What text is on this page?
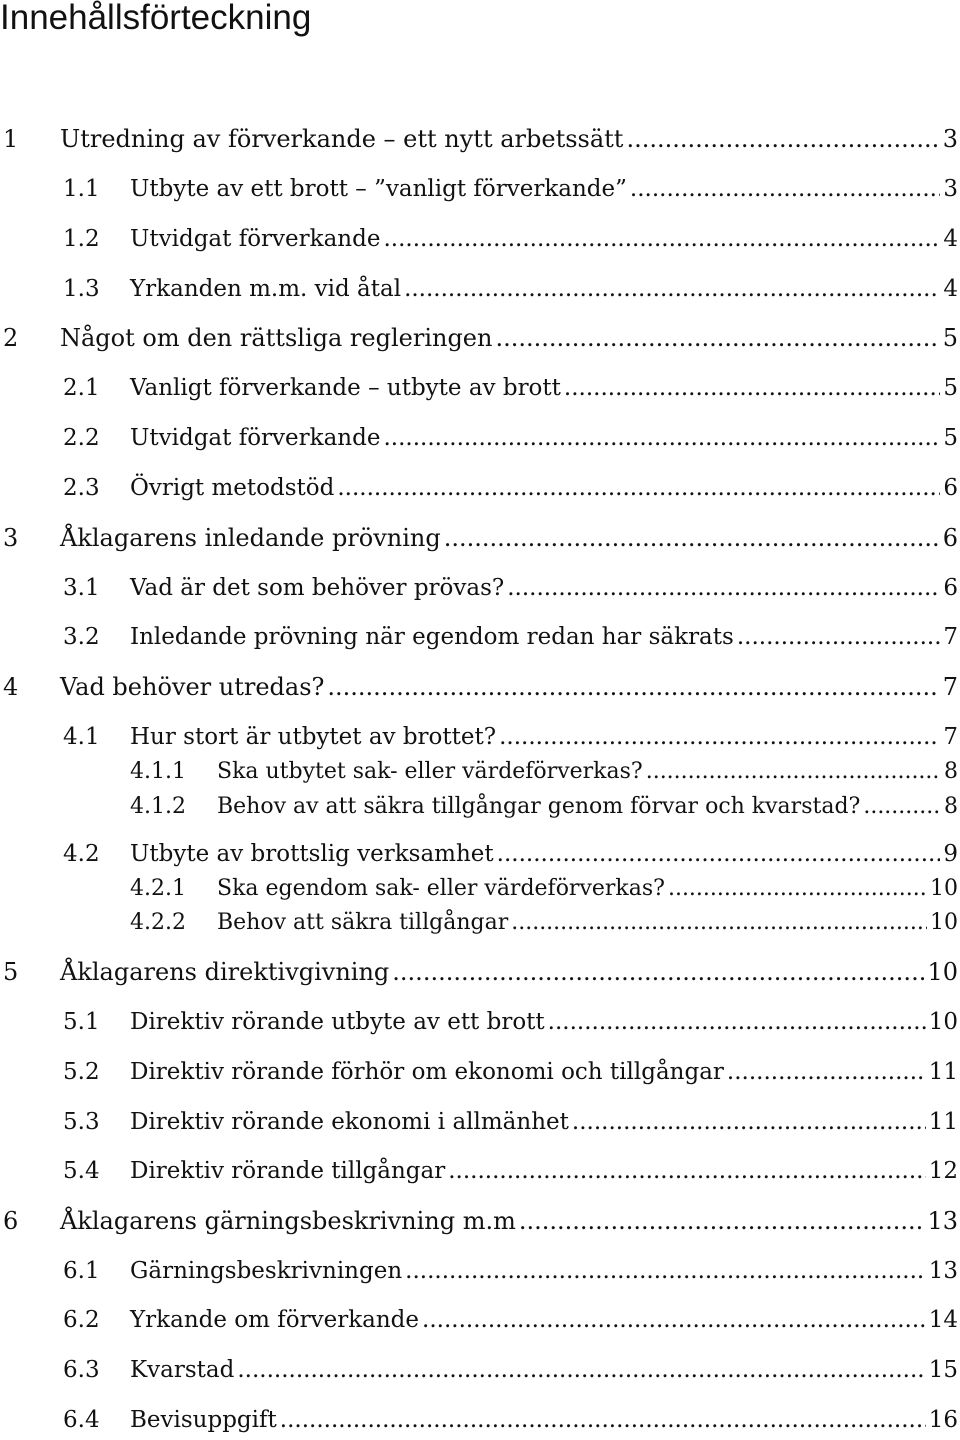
Innehållsförteckning
1	Utredning av förverkande – ett nytt arbetssätt .....	3
1.1	Utbyte av ett brott – ”vanligt förverkande” .....	3
1.2	Utvidgat förverkande .....	4
1.3	Yrkanden m.m. vid åtal .....	4
2	Något om den rättsliga regleringen .....	5
2.1	Vanligt förverkande – utbyte av brott .....	5
2.2	Utvidgat förverkande .....	5
2.3	Övrigt metodstöd .....	6
3	Åklagarens inledande prövning .....	6
3.1	Vad är det som behöver prövas? .....	6
3.2	Inledande prövning när egendom redan har säkrats .....	7
4	Vad behöver utredas? .....	7
4.1	Hur stort är utbytet av brottet? .....	7
4.1.1	Ska utbytet sak- eller värdeförverkas? .....	8
4.1.2	Behov av att säkra tillgångar genom förvar och kvarstad? .....	8
4.2	Utbyte av brottslig verksamhet .....	9
4.2.1	Ska egendom sak- eller värdeförverkas? .....	10
4.2.2	Behov att säkra tillgångar .....	10
5	Åklagarens direktivgivning .....	10
5.1	Direktiv rörande utbyte av ett brott .....	10
5.2	Direktiv rörande förhör om ekonomi och tillgångar .....	11
5.3	Direktiv rörande ekonomi i allmänhet .....	11
5.4	Direktiv rörande tillgångar .....	12
6	Åklagarens gärningsbeskrivning m.m .....	13
6.1	Gärningsbeskrivningen .....	13
6.2	Yrkande om förverkande .....	14
6.3	Kvarstad .....	15
6.4	Bevisuppgift .....	16
